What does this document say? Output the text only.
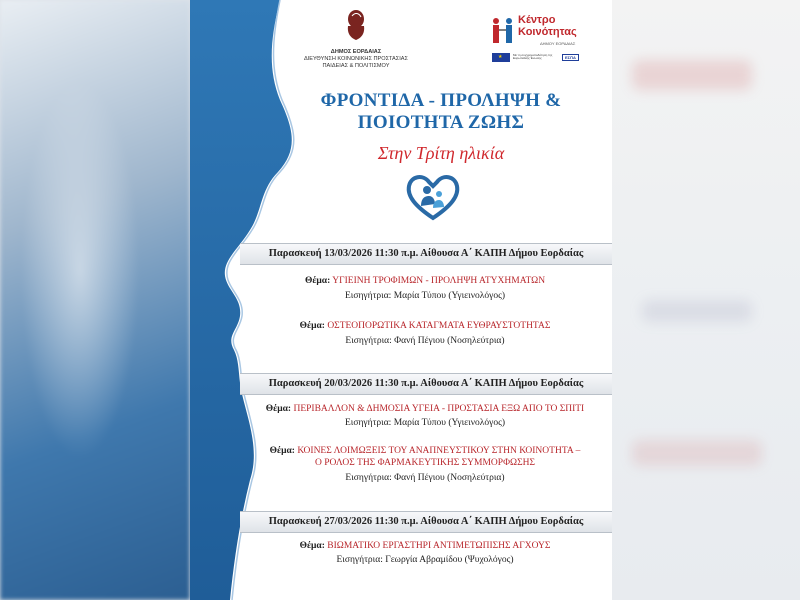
ΔΗΜΟΣ ΕΟΡΔΑΙΑΣ
ΔΙΕΥΘΥΝΣΗ ΚΟΙΝΩΝΙΚΗΣ ΠΡΟΣΤΑΣΙΑΣ
ΠΑΙΔΕΙΑΣ & ΠΟΛΙΤΙΣΜΟΥ
Κέντρο
Κοινότητας
ΔΗΜΟΥ ΕΟΡΔΑΙΑΣ
★
Με τη συγχρηματοδότηση της Ευρωπαϊκής Ένωσης	ΕΣΠΑ
ΦΡΟΝΤΙΔΑ - ΠΡΟΛΗΨΗ &
ΠΟΙΟΤΗΤΑ ΖΩΗΣ
Στην Τρίτη ηλικία
Παρασκευή 13/03/2026 11:30 π.μ. Αίθουσα Α΄ ΚΑΠΗ Δήμου Εορδαίας
Θέμα: ΥΓΙΕΙΝΗ ΤΡΟΦΙΜΩΝ - ΠΡΟΛΗΨΗ ΑΤΥΧΗΜΑΤΩΝ
Εισηγήτρια: Μαρία Τύπου (Υγιεινολόγος)
Θέμα: ΟΣΤΕΟΠΟΡΩΤΙΚΑ ΚΑΤΑΓΜΑΤΑ ΕΥΘΡΑΥΣΤΟΤΗΤΑΣ
Εισηγήτρια: Φανή Πέγιου (Νοσηλεύτρια)
Παρασκευή 20/03/2026 11:30 π.μ. Αίθουσα Α΄ ΚΑΠΗ Δήμου Εορδαίας
Θέμα: ΠΕΡΙΒΑΛΛΟΝ & ΔΗΜΟΣΙΑ ΥΓΕΙΑ - ΠΡΟΣΤΑΣΙΑ ΕΞΩ ΑΠΟ ΤΟ ΣΠΙΤΙ
Εισηγήτρια: Μαρία Τύπου (Υγιεινολόγος)
Θέμα: ΚΟΙΝΕΣ ΛΟΙΜΩΞΕΙΣ ΤΟΥ ΑΝΑΠΝΕΥΣΤΙΚΟΥ ΣΤΗΝ ΚΟΙΝΟΤΗΤΑ –
Ο ΡΟΛΟΣ ΤΗΣ ΦΑΡΜΑΚΕΥΤΙΚΗΣ ΣΥΜΜΟΡΦΩΣΗΣ
Εισηγήτρια: Φανή Πέγιου (Νοσηλεύτρια)
Παρασκευή 27/03/2026 11:30 π.μ. Αίθουσα Α΄ ΚΑΠΗ Δήμου Εορδαίας
Θέμα: ΒΙΩΜΑΤΙΚΟ ΕΡΓΑΣΤΗΡΙ ΑΝΤΙΜΕΤΩΠΙΣΗΣ ΑΓΧΟΥΣ
Εισηγήτρια: Γεωργία Αβραμίδου (Ψυχολόγος)
